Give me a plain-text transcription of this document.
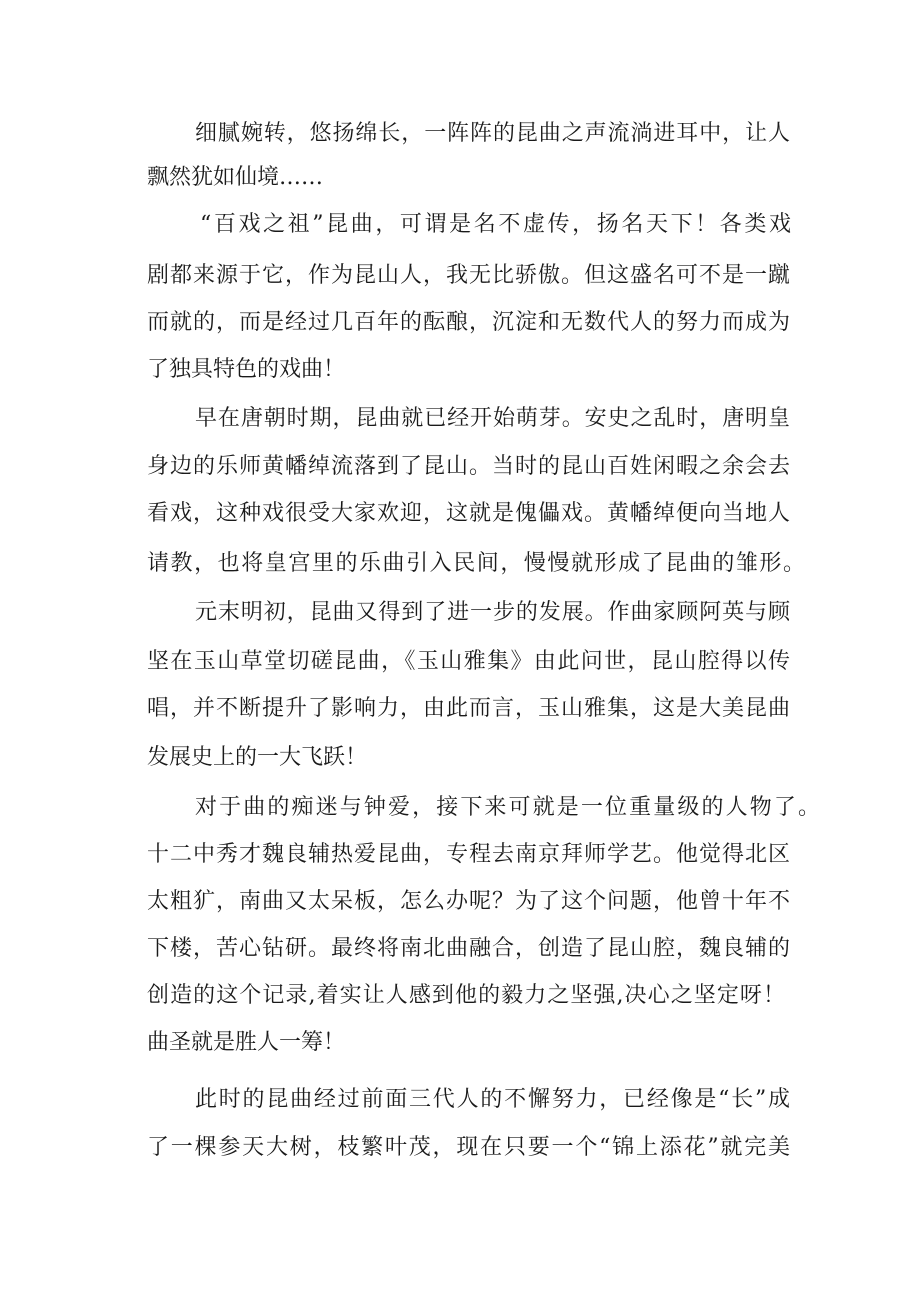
细腻婉转，悠扬绵长，一阵阵的昆曲之声流淌进耳中，让人
飘然犹如仙境……
“百戏之祖”昆曲，可谓是名不虚传，扬名天下！各类戏
剧都来源于它，作为昆山人，我无比骄傲。但这盛名可不是一蹴
而就的，而是经过几百年的酝酿，沉淀和无数代人的努力而成为
了独具特色的戏曲！
早在唐朝时期，昆曲就已经开始萌芽。安史之乱时，唐明皇
身边的乐师黄幡绰流落到了昆山。当时的昆山百姓闲暇之余会去
看戏，这种戏很受大家欢迎，这就是傀儡戏。黄幡绰便向当地人
请教，也将皇宫里的乐曲引入民间，慢慢就形成了昆曲的雏形。
元末明初，昆曲又得到了进一步的发展。作曲家顾阿英与顾
坚在玉山草堂切磋昆曲，《玉山雅集》由此问世，昆山腔得以传
唱，并不断提升了影响力，由此而言，玉山雅集，这是大美昆曲
发展史上的一大飞跃！
对于曲的痴迷与钟爱，接下来可就是一位重量级的人物了。
十二中秀才魏良辅热爱昆曲，专程去南京拜师学艺。他觉得北区
太粗犷，南曲又太呆板，怎么办呢？为了这个问题，他曾十年不
下楼，苦心钻研。最终将南北曲融合，创造了昆山腔，魏良辅的
创造的这个记录,着实让人感到他的毅力之坚强,决心之坚定呀！
曲圣就是胜人一筹！
此时的昆曲经过前面三代人的不懈努力，已经像是“长”成
了一棵参天大树，枝繁叶茂，现在只要一个“锦上添花”就完美
